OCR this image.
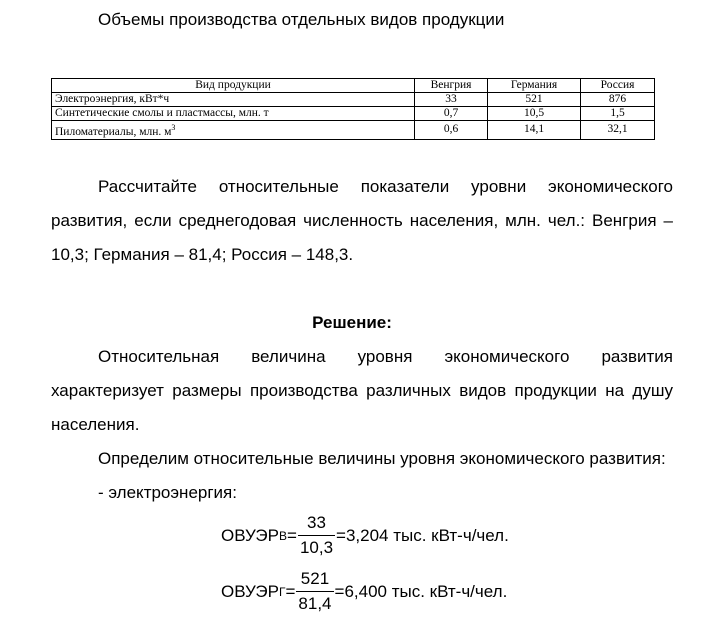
Объемы производства отдельных видов продукции
Вид продукции	Венгрия	Германия	Россия
Электроэнергия, кВт*ч	33	521	876
Синтетические смолы и пластмассы, млн. т	0,7	10,5	1,5
Пиломатериалы, млн. $м^3$	0,6	14,1	32,1
Рассчитайте относительные показатели уровни экономического
развития, если среднегодовая численность населения, млн. чел.: Венгрия –
10,3; Германия – 81,4; Россия – 148,3.
Решение:
Относительная величина уровня экономического развития
характеризует размеры производства различных видов продукции на душу
населения.
Определим относительные величины уровня экономического развития:
- электроэнергия:
ОВУЭР $В = \frac{33}{10,3} =3,204$ тыс. кВт-ч/чел.
ОВУЭР $Г = \frac{521}{81,4} =6,400$ тыс. кВт-ч/чел.
